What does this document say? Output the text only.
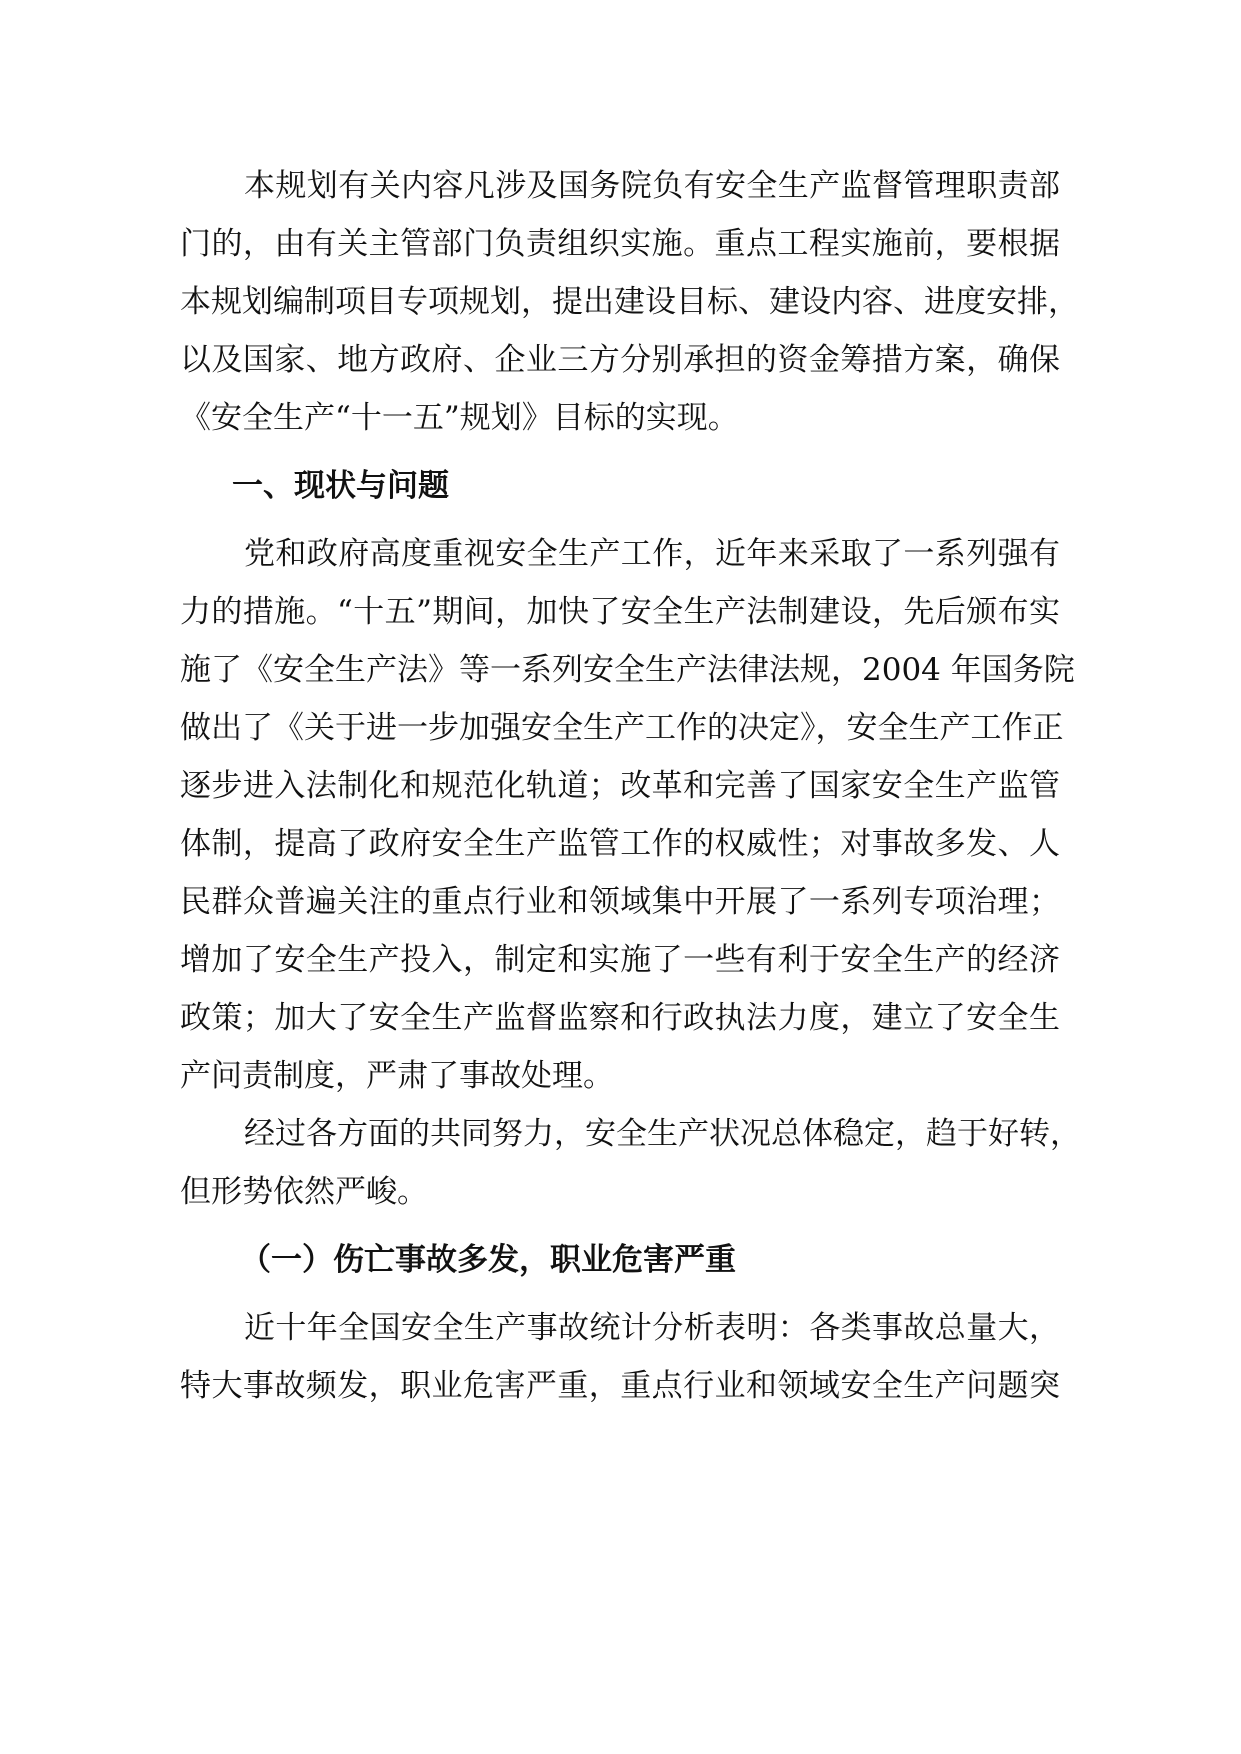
本规划有关内容凡涉及国务院负有安全生产监督管理职责部
门的，由有关主管部门负责组织实施。重点工程实施前，要根据
本规划编制项目专项规划，提出建设目标、建设内容、进度安排，
以及国家、地方政府、企业三方分别承担的资金筹措方案，确保
《安全生产“十一五”规划》目标的实现。
一、现状与问题
党和政府高度重视安全生产工作，近年来采取了一系列强有
力的措施。“十五”期间，加快了安全生产法制建设，先后颁布实
施了《安全生产法》等一系列安全生产法律法规，2004 年国务院
做出了《关于进一步加强安全生产工作的决定》，安全生产工作正
逐步进入法制化和规范化轨道；改革和完善了国家安全生产监管
体制，提高了政府安全生产监管工作的权威性；对事故多发、人
民群众普遍关注的重点行业和领域集中开展了一系列专项治理；
增加了安全生产投入，制定和实施了一些有利于安全生产的经济
政策；加大了安全生产监督监察和行政执法力度，建立了安全生
产问责制度，严肃了事故处理。
经过各方面的共同努力，安全生产状况总体稳定，趋于好转，
但形势依然严峻。
（一）伤亡事故多发，职业危害严重
近十年全国安全生产事故统计分析表明：各类事故总量大，
特大事故频发，职业危害严重，重点行业和领域安全生产问题突
